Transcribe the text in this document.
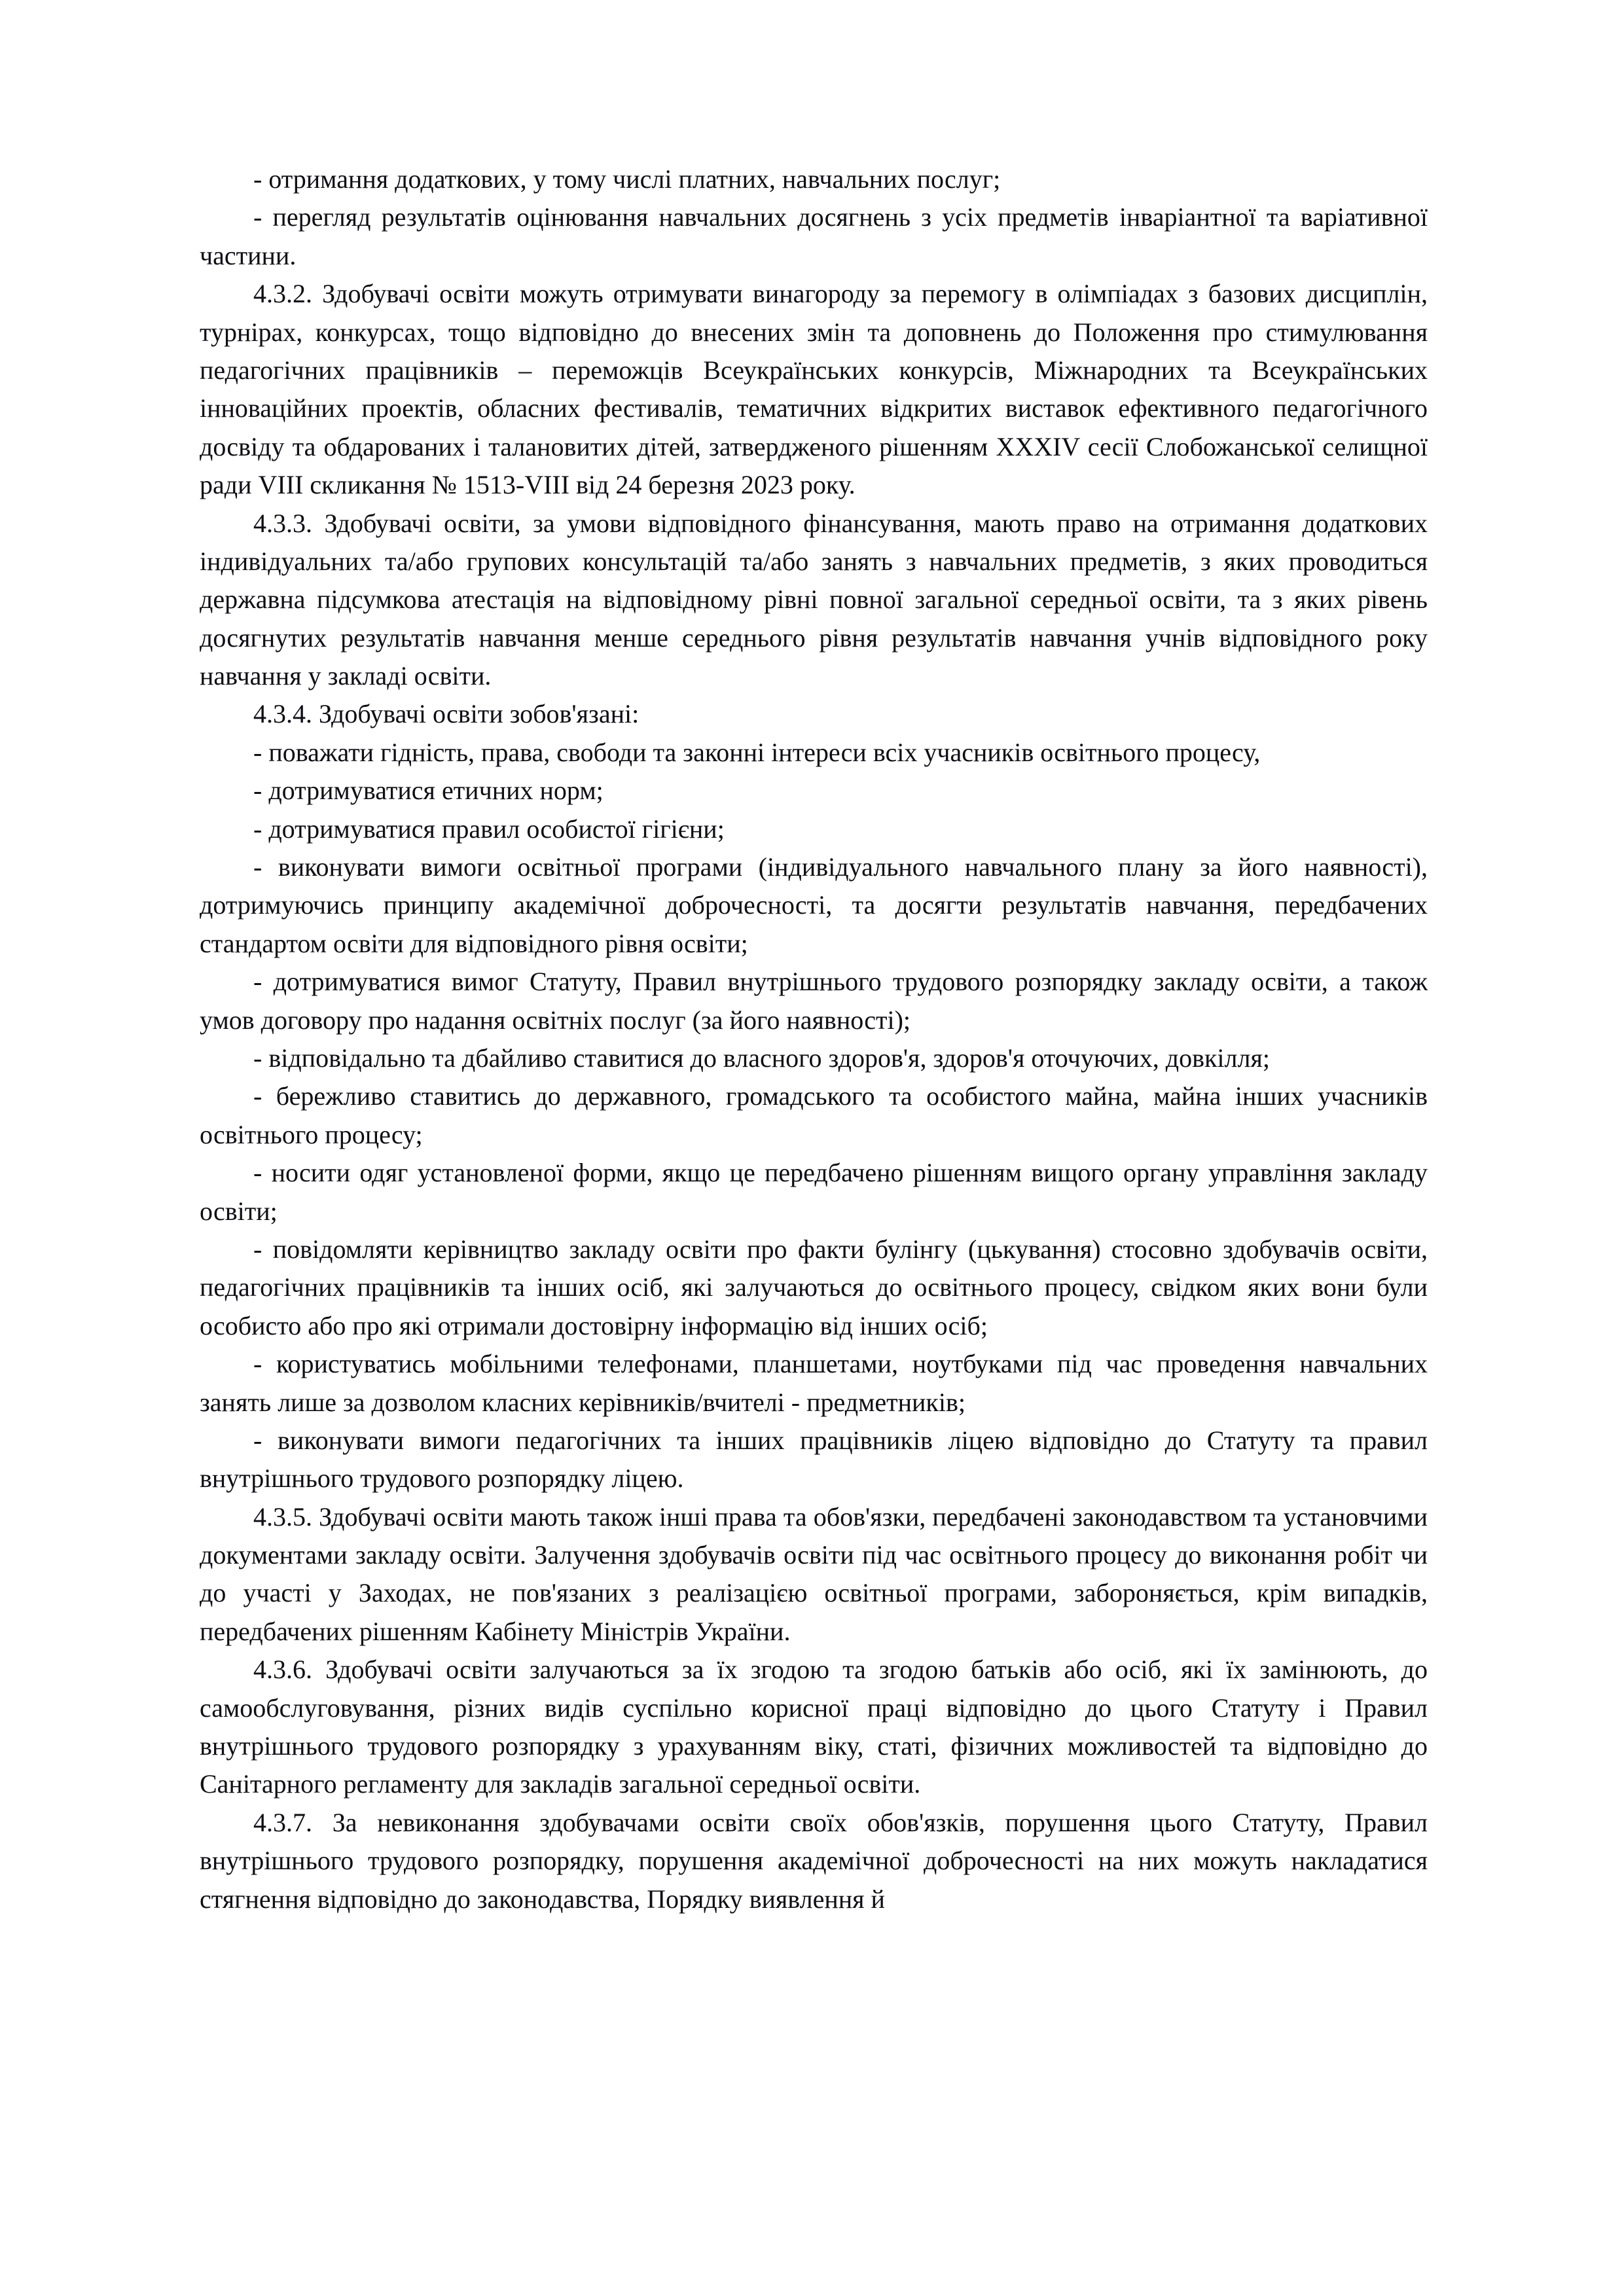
- отримання додаткових, у тому числі платних, навчальних послуг;

- перегляд результатів оцінювання навчальних досягнень з усіх предметів інваріантної та варіативної частини.

4.3.2. Здобувачі освіти можуть отримувати винагороду за перемогу в олімпіадах з базових дисциплін, турнірах, конкурсах, тощо відповідно до внесених змін та доповнень до Положення про стимулювання педагогічних працівників – переможців Всеукраїнських конкурсів, Міжнародних та Всеукраїнських інноваційних проектів, обласних фестивалів, тематичних відкритих виставок ефективного педагогічного досвіду та обдарованих і талановитих дітей, затвердженого рішенням XXXIV сесії Слобожанської селищної ради VIII скликання № 1513-VIII від 24 березня 2023 року.

4.3.3. Здобувачі освіти, за умови відповідного фінансування, мають право на отримання додаткових індивідуальних та/або групових консультацій та/або занять з навчальних предметів, з яких проводиться державна підсумкова атестація на відповідному рівні повної загальної середньої освіти, та з яких рівень досягнутих результатів навчання менше середнього рівня результатів навчання учнів відповідного року навчання у закладі освіти.

4.3.4. Здобувачі освіти зобов'язані:

- поважати гідність, права, свободи та законні інтереси всіх учасників освітнього процесу,

- дотримуватися етичних норм;

- дотримуватися правил особистої гігієни;

- виконувати вимоги освітньої програми (індивідуального навчального плану за його наявності), дотримуючись принципу академічної доброчесності, та досягти результатів навчання, передбачених стандартом освіти для відповідного рівня освіти;

- дотримуватися вимог Статуту, Правил внутрішнього трудового розпорядку закладу освіти, а також умов договору про надання освітніх послуг (за його наявності);

- відповідально та дбайливо ставитися до власного здоров'я, здоров'я оточуючих, довкілля;

- бережливо ставитись до державного, громадського та особистого майна, майна інших учасників освітнього процесу;

- носити одяг установленої форми, якщо це передбачено рішенням вищого органу управління закладу освіти;

- повідомляти керівництво закладу освіти про факти булінгу (цькування) стосовно здобувачів освіти, педагогічних працівників та інших осіб, які залучаються до освітнього процесу, свідком яких вони були особисто або про які отримали достовірну інформацію від інших осіб;

- користуватись мобільними телефонами, планшетами, ноутбуками під час проведення навчальних занять лише за дозволом класних керівників/вчителі - предметників;

- виконувати вимоги педагогічних та інших працівників ліцею відповідно до Статуту та правил внутрішнього трудового розпорядку ліцею.

4.3.5. Здобувачі освіти мають також інші права та обов'язки, передбачені законодавством та установчими документами закладу освіти. Залучення здобувачів освіти під час освітнього процесу до виконання робіт чи до участі у Заходах, не пов'язаних з реалізацією освітньої програми, забороняється, крім випадків, передбачених рішенням Кабінету Міністрів України.

4.3.6. Здобувачі освіти залучаються за їх згодою та згодою батьків або осіб, які їх замінюють, до самообслуговування, різних видів суспільно корисної праці відповідно до цього Статуту і Правил внутрішнього трудового розпорядку з урахуванням віку, статі, фізичних можливостей та відповідно до Санітарного регламенту для закладів загальної середньої освіти.

4.3.7. За невиконання здобувачами освіти своїх обов'язків, порушення цього Статуту, Правил внутрішнього трудового розпорядку, порушення академічної доброчесності на них можуть накладатися стягнення відповідно до законодавства, Порядку виявлення й
